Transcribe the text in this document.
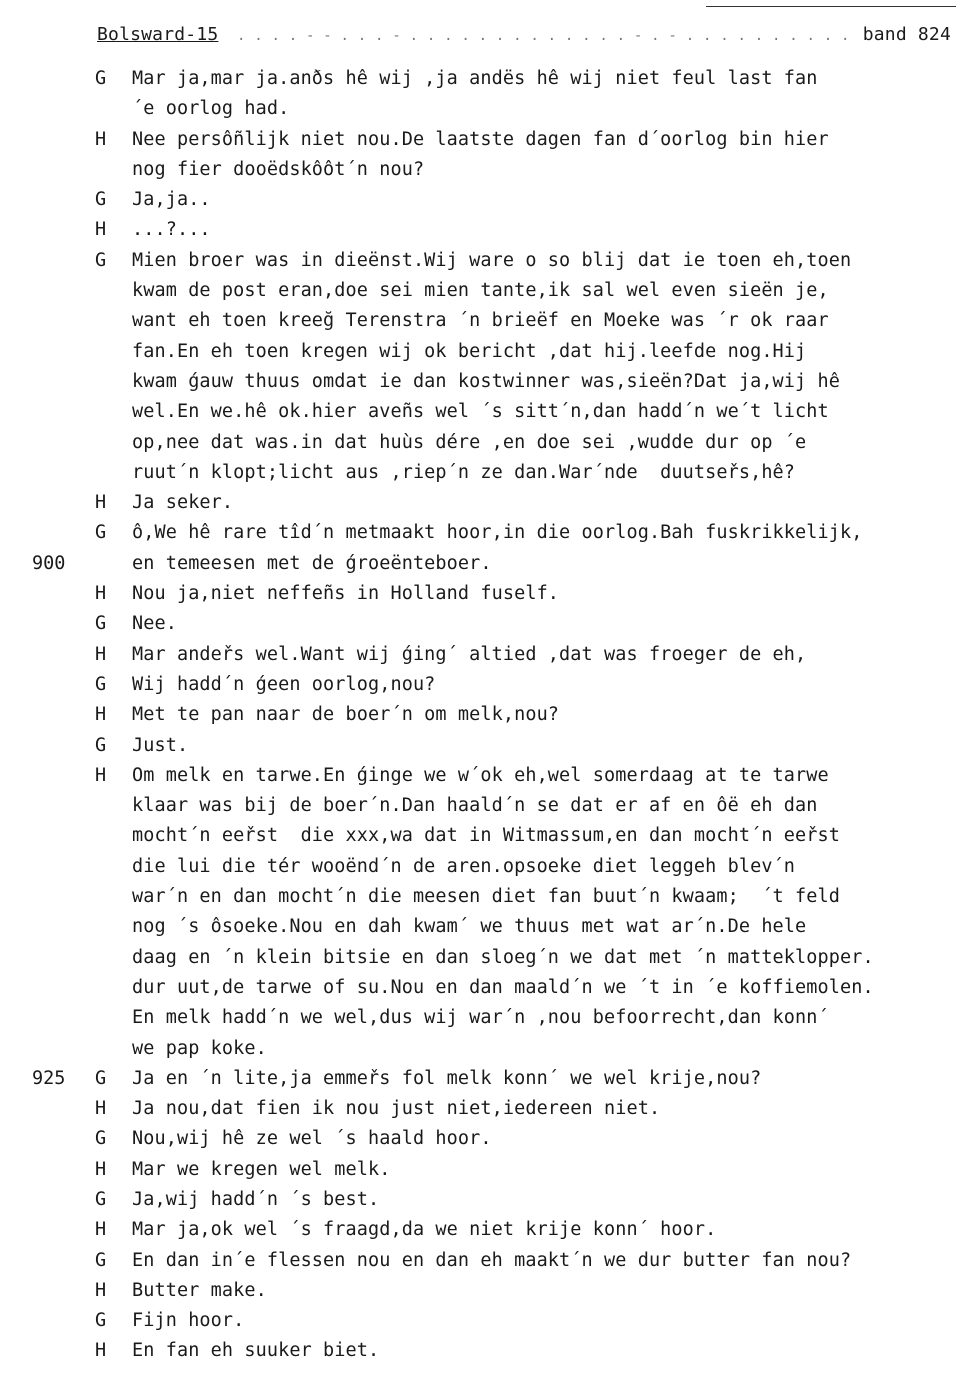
Bolsward-15 . . . . - - . . . - . . . . . . . . . . . . . - . - . . . . . . . . . . band 824
G Mar ja,mar ja.anðs hê wij ,ja andës hê wij niet feul last fan
´e oorlog had.
H Nee persôñlijk niet nou.De laatste dagen fan d´oorlog bin hier
nog fier dooëdskôôt´n nou?
G Ja,ja..
H ...?...
G Mien broer was in dieënst.Wij ware o so blij dat ie toen eh,toen
kwam de post eran,doe sei mien tante,ik sal wel even sieën je,
want eh toen kreeğ Terenstra ´n brieëf en Moeke was ´r ok raar
fan.En eh toen kregen wij ok bericht ,dat hij.leefde nog.Hij
kwam ǵauw thuus omdat ie dan kostwinner was,sieën?Dat ja,wij hê
wel.En we.hê ok.hier aveñs wel ´s sitt´n,dan hadd´n we´t licht
op,nee dat was.in dat huùs dére ,en doe sei ,wudde dur op ´e
ruut´n klopt;licht aus ,riep´n ze dan.War´nde  duutseřs,hê?
H Ja seker.
G ô,We hê rare tîd´n metmaakt hoor,in die oorlog.Bah fuskrikkelijk,
900	en temeesen met de ǵroeënteboer.
H Nou ja,niet neffeñs in Holland fuself.
G Nee.
H Mar andeřs wel.Want wij ǵing´ altied ,dat was froeger de eh,
G Wij hadd´n ǵeen oorlog,nou?
H Met te pan naar de boer´n om melk,nou?
G Just.
H Om melk en tarwe.En ǵinge we w´ok eh,wel somerdaag at te tarwe
klaar was bij de boer´n.Dan haald´n se dat er af en ôë eh dan
mocht´n eeřst  die xxx,wa dat in Witmassum,en dan mocht´n eeřst
die lui die tér wooënd´n de aren.opsoeke diet leggeh blev´n
war´n en dan mocht´n die meesen diet fan buut´n kwaam;  ´t feld
nog ´s ôsoeke.Nou en dah kwam´ we thuus met wat ar´n.De hele
daag en ´n klein bitsie en dan sloeg´n we dat met ´n matteklopper.
dur uut,de tarwe of su.Nou en dan maald´n we ´t in ´e koffiemolen.
En melk hadd´n we wel,dus wij war´n ,nou befoorrecht,dan konn´
we pap koke.
925 G Ja en ´n lite,ja emmeřs fol melk konn´ we wel krije,nou?
H Ja nou,dat fien ik nou just niet,iedereen niet.
G Nou,wij hê ze wel ´s haald hoor.
H Mar we kregen wel melk.
G Ja,wij hadd´n ´s best.
H Mar ja,ok wel ´s fraagd,da we niet krije konn´ hoor.
G En dan in´e flessen nou en dan eh maakt´n we dur butter fan nou?
H Butter make.
G Fijn hoor.
H En fan eh suuker biet.
